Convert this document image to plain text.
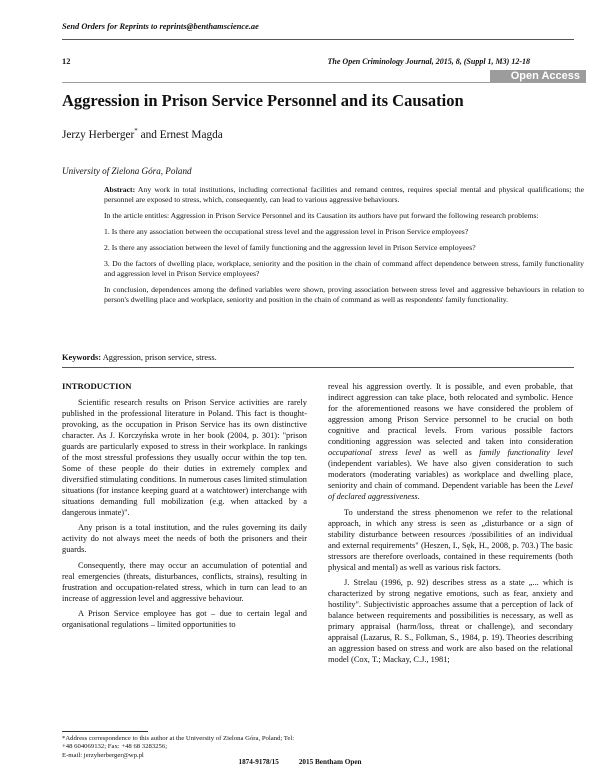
Send Orders for Reprints to reprints@benthamscience.ae
12	The Open Criminology Journal, 2015, 8, (Suppl 1, M3) 12-18
Open Access
Aggression in Prison Service Personnel and its Causation
Jerzy Herberger* and Ernest Magda
University of Zielona Góra, Poland

Abstract: Any work in total institutions, including correctional facilities and remand centres, requires special mental and physical qualifications; the personnel are exposed to stress, which, consequently, can lead to various aggressive behaviours.

In the article entitles: Aggression in Prison Service Personnel and its Causation its authors have put forward the following research problems:

1. Is there any association between the occupational stress level and the aggression level in Prison Service employees?

2. Is there any association between the level of family functioning and the aggression level in Prison Service employees?

3. Do the factors of dwelling place, workplace, seniority and the position in the chain of command affect dependence between stress, family functionality and aggression level in Prison Service employees?

In conclusion, dependences among the defined variables were shown, proving association between stress level and aggressive behaviours in relation to person's dwelling place and workplace, seniority and position in the chain of command as well as respondents' family functionality.

Keywords: Aggression, prison service, stress.

INTRODUCTION

Scientific research results on Prison Service activities are rarely published in the professional literature in Poland. This fact is thought-provoking, as the occupation in Prison Service has its own distinctive character. As J. Korczyńska wrote in her book (2004, p. 301): "prison guards are particularly exposed to stress in their workplace. In rankings of the most stressful professions they usually occur within the top ten. Some of these people do their duties in extremely complex and diversified stimulating conditions. In numerous cases limited stimulation situations (for instance keeping guard at a watchtower) interchange with situations demanding full mobilization (e.g. when attacked by a dangerous inmate)".

Any prison is a total institution, and the rules governing its daily activity do not always meet the needs of both the prisoners and their guards.

Consequently, there may occur an accumulation of potential and real emergencies (threats, disturbances, conflicts, strains), resulting in frustration and occupation-related stress, which in turn can lead to an increase of aggression level and aggressive behaviour.

A Prison Service employee has got – due to certain legal and organisational regulations – limited opportunities to

reveal his aggression overtly. It is possible, and even probable, that indirect aggression can take place, both relocated and symbolic. Hence for the aforementioned reasons we have considered the problem of aggression among Prison Service personnel to be crucial on both cognitive and practical levels. From various possible factors conditioning aggression was selected and taken into consideration occupational stress level as well as family functionality level (independent variables). We have also given consideration to such moderators (moderating variables) as workplace and dwelling place, seniority and chain of command. Dependent variable has been the Level of declared aggressiveness.

To understand the stress phenomenon we refer to the relational approach, in which any stress is seen as „disturbance or a sign of stability disturbance between resources /possibilities of an individual and external requirements" (Heszen, I., Sęk, H., 2008, p. 703.) The basic stressors are therefore overloads, contained in these requirements (both physical and mental) as well as various risk factors.

J. Strelau (1996, p. 92) describes stress as a state „... which is characterized by strong negative emotions, such as fear, anxiety and hostility". Subjectivistic approaches assume that a perception of lack of balance between requirements and possibilities is necessary, as well as primary appraisal (harm/loss, threat or challenge), and secondary appraisal (Lazarus, R. S., Folkman, S., 1984, p. 19). Theories describing an aggression based on stress and work are also based on the relational model (Cox, T.; Mackay, C.J., 1981;

*Address correspondence to this author at the University of Zielona Góra, Poland; Tel: +48 604069132; Fax: +48 68 3283256;
E-mail: jerzyherberger@wp.pl
1874-9178/15	2015 Bentham Open
